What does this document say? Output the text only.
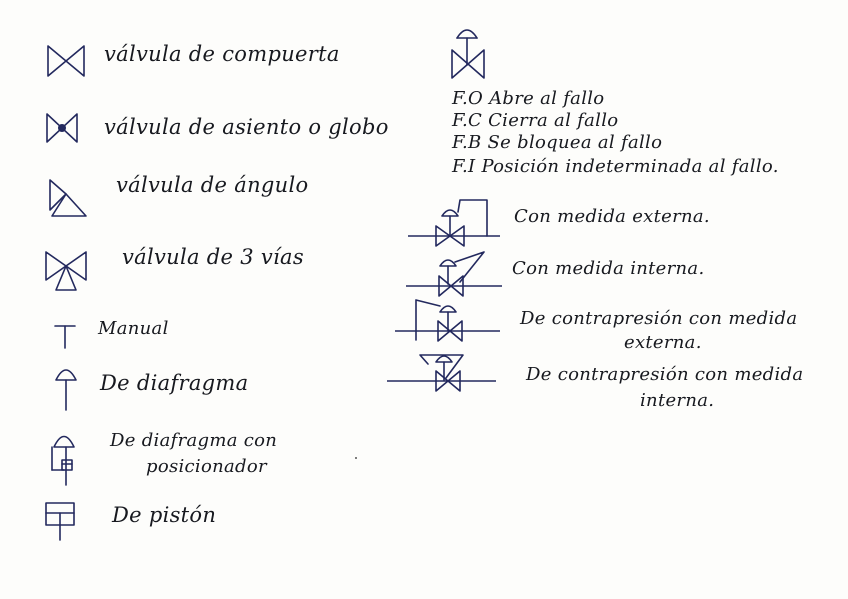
válvula de compuerta
válvula de asiento o globo
válvula de ángulo
válvula de 3 vías
Manual
De diafragma
De diafragma con
posicionador
De pistón
F.O Abre al fallo
F.C Cierra al fallo
F.B Se bloquea al fallo
F.I Posición indeterminada al fallo.
Con medida externa.
Con medida interna.
De contrapresión con medida
externa.
De contrapresión con medida
interna.
